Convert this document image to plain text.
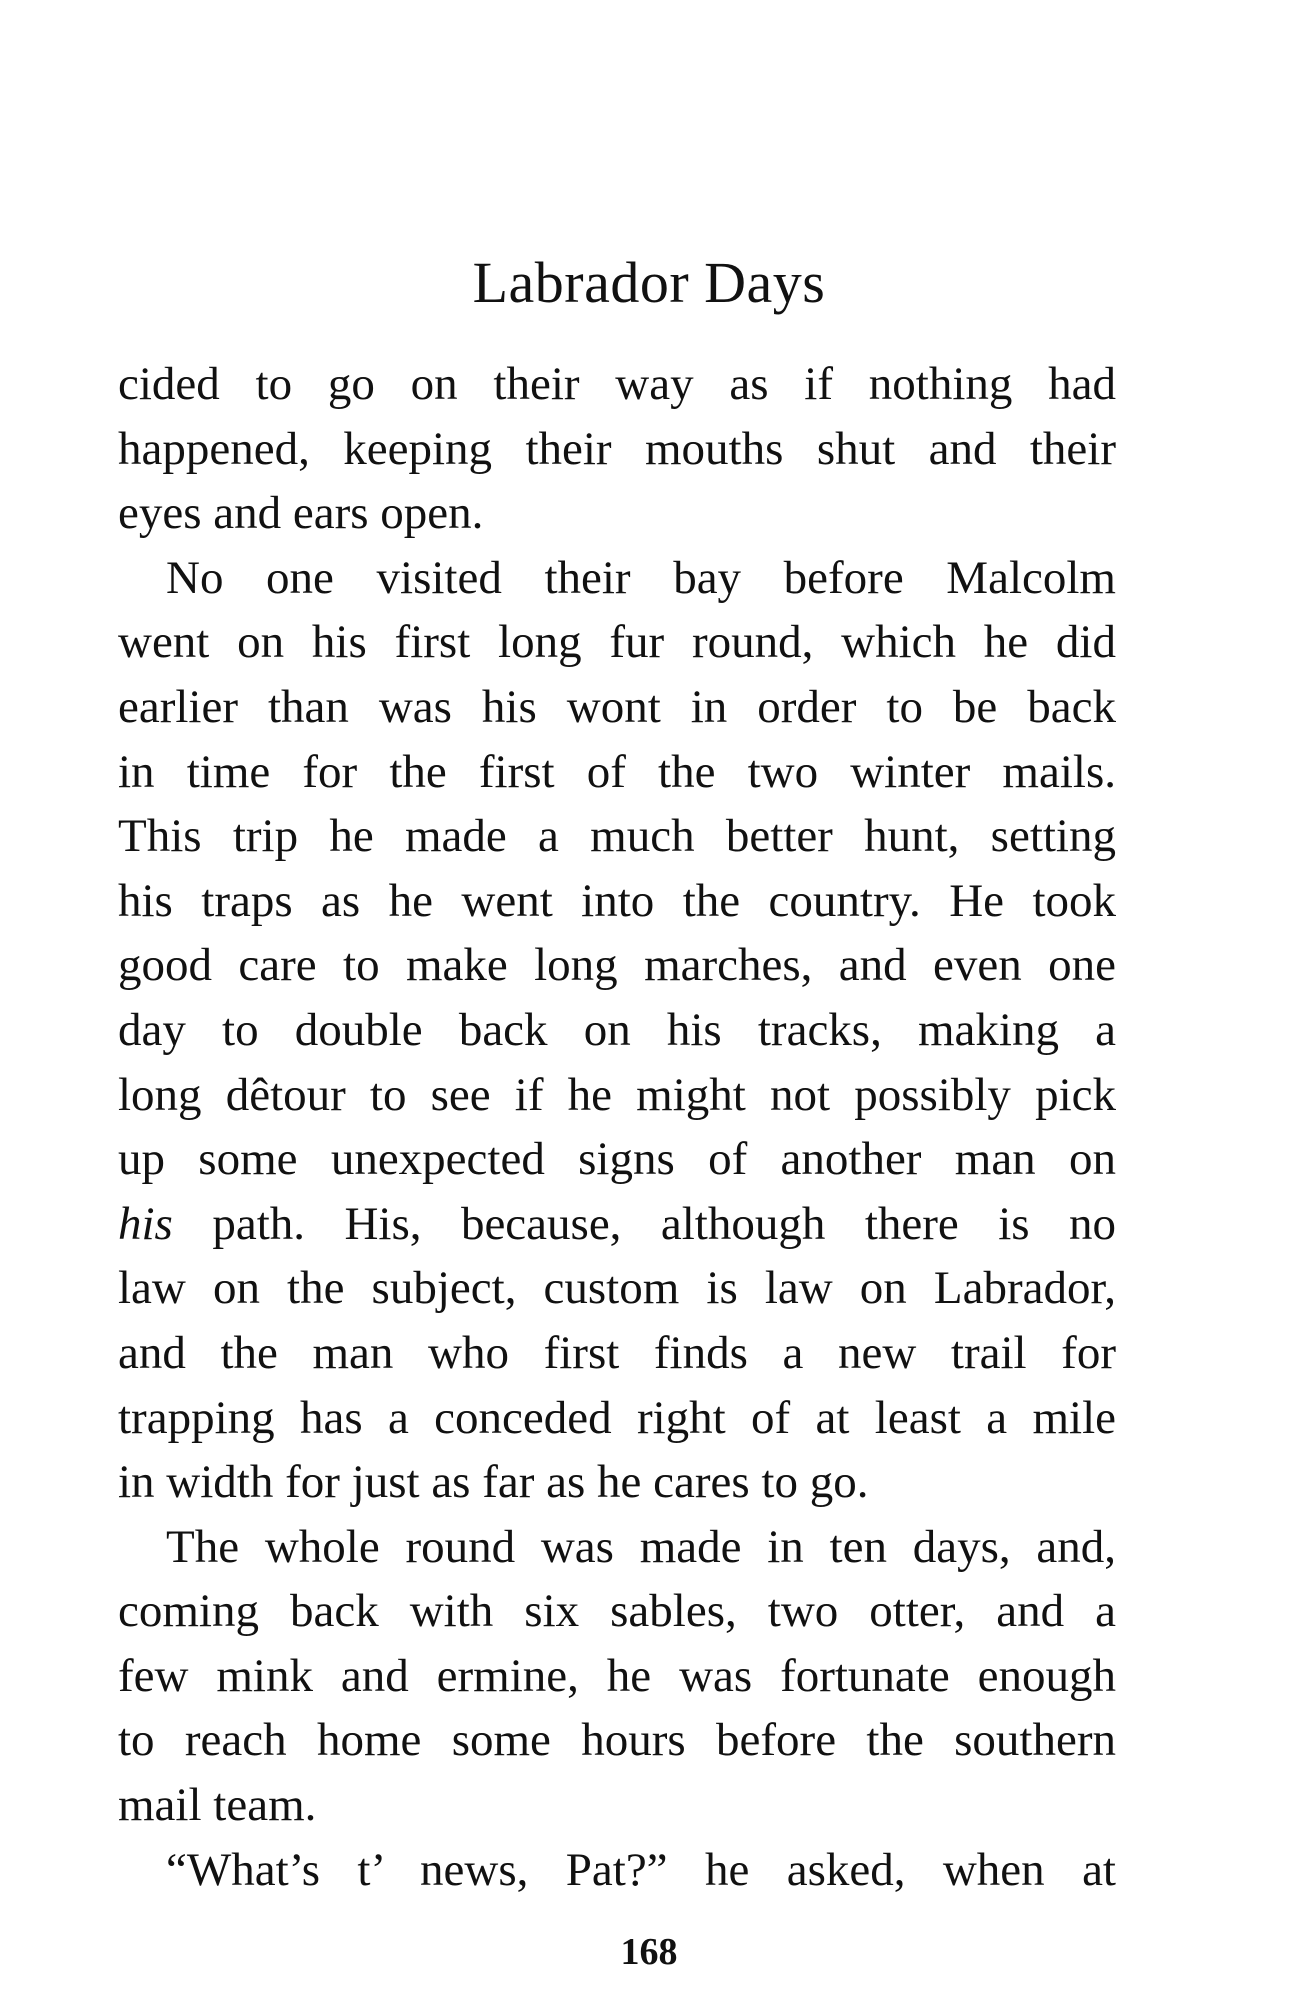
Labrador Days
cided to go on their way as if nothing had
happened, keeping their mouths shut and their
eyes and ears open.
No one visited their bay before Malcolm
went on his first long fur round, which he did
earlier than was his wont in order to be back
in time for the first of the two winter mails.
This trip he made a much better hunt, setting
his traps as he went into the country. He took
good care to make long marches, and even one
day to double back on his tracks, making a
long dêtour to see if he might not possibly pick
up some unexpected signs of another man on
his path. His, because, although there is no
law on the subject, custom is law on Labrador,
and the man who first finds a new trail for
trapping has a conceded right of at least a mile
in width for just as far as he cares to go.
The whole round was made in ten days, and,
coming back with six sables, two otter, and a
few mink and ermine, he was fortunate enough
to reach home some hours before the southern
mail team.
“What’s t’ news, Pat?” he asked, when at
168
